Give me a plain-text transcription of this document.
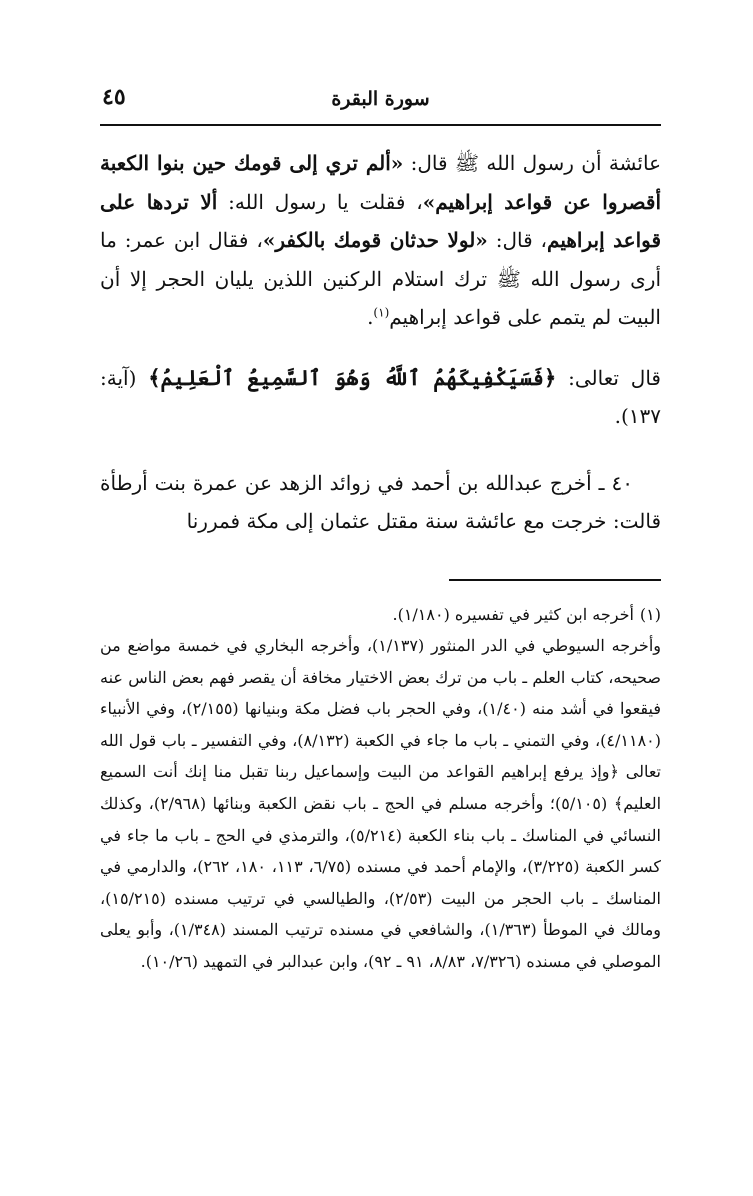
سورة البقرة
٤٥

عائشة أن رسول الله ﷺ قال: «ألم تري إلى قومك حين بنوا الكعبة أقصروا عن قواعد إبراهيم»، فقلت يا رسول الله: ألا تردها على قواعد إبراهيم، قال: «لولا حدثان قومك بالكفر»، فقال ابن عمر: ما أرى رسول الله ﷺ ترك استلام الركنين اللذين يليان الحجر إلا أن البيت لم يتمم على قواعد إبراهيم$^{(١)}$.

قال تعالى: ﴿فَسَيَكْفِيكَهُمُ ٱللَّهُ وَهُوَ ٱلسَّمِيعُ ٱلْعَلِيمُ﴾ (آية: ١٣٧).

٤٠ ـ أخرج عبدالله بن أحمد في زوائد الزهد عن عمرة بنت أرطأة قالت: خرجت مع عائشة سنة مقتل عثمان إلى مكة فمررنا

(١)أخرجه ابن كثير في تفسيره (١/١٨٠).

وأخرجه السيوطي في الدر المنثور (١/١٣٧)، وأخرجه البخاري في خمسة مواضع من صحيحه، كتاب العلم ـ باب من ترك بعض الاختيار مخافة أن يقصر فهم بعض الناس عنه فيقعوا في أشد منه (١/٤٠)، وفي الحجر باب فضل مكة وبنيانها (٢/١٥٥)، وفي الأنبياء (٤/١١٨٠)، وفي التمني ـ باب ما جاء في الكعبة (٨/١٣٢)، وفي التفسير ـ باب قول الله تعالى ﴿وإذ يرفع إبراهيم القواعد من البيت وإسماعيل ربنا تقبل منا إنك أنت السميع العليم﴾ (٥/١٠٥)؛ وأخرجه مسلم في الحج ـ باب نقض الكعبة وبنائها (٢/٩٦٨)، وكذلك النسائي في المناسك ـ باب بناء الكعبة (٥/٢١٤)، والترمذي في الحج ـ باب ما جاء في كسر الكعبة (٣/٢٢٥)، والإمام أحمد في مسنده (٦/٧٥، ١١٣، ١٨٠، ٢٦٢)، والدارمي في المناسك ـ باب الحجر من البيت (٢/٥٣)، والطيالسي في ترتيب مسنده (١٥/٢١٥)، ومالك في الموطأ (١/٣٦٣)، والشافعي في مسنده ترتيب المسند (١/٣٤٨)، وأبو يعلى الموصلي في مسنده (٧/٣٢٦، ٨/٨٣، ٩١ ـ ٩٢)، وابن عبدالبر في التمهيد (١٠/٢٦).
